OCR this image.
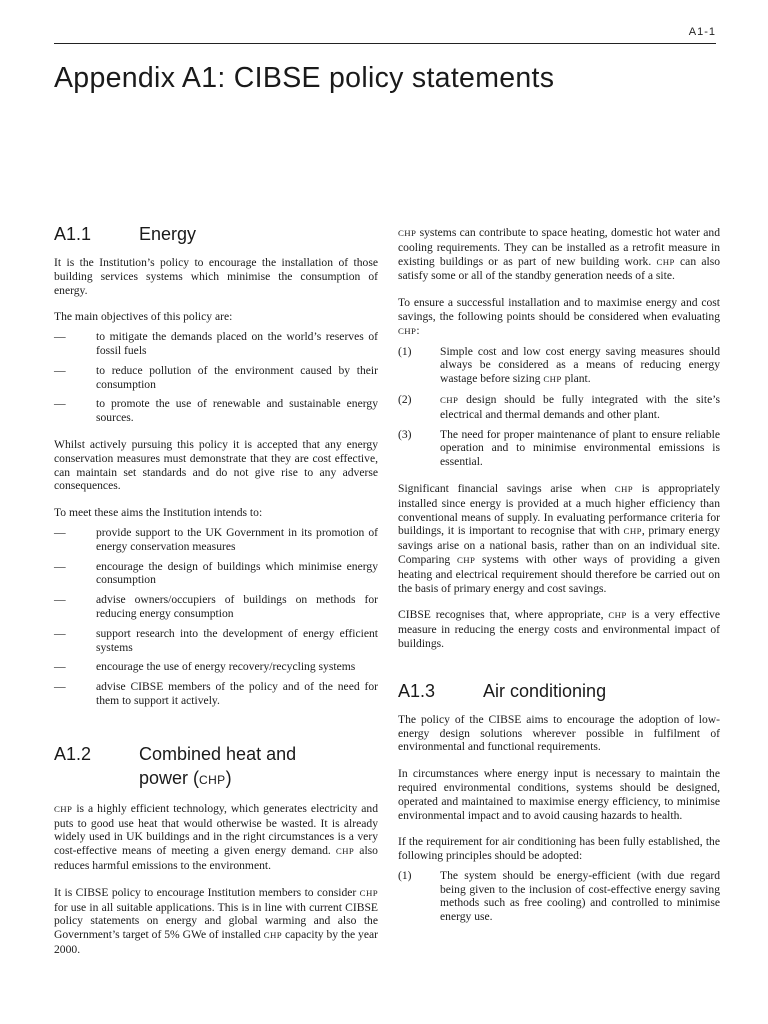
A1-1
Appendix A1: CIBSE policy statements
A1.1	Energy

It is the Institution’s policy to encourage the installation of those building services systems which minimise the consumption of energy.

The main objectives of this policy are:

—	to mitigate the demands placed on the world’s reserves of fossil fuels
—	to reduce pollution of the environment caused by their consumption
—	to promote the use of renewable and sustainable energy sources.

Whilst actively pursuing this policy it is accepted that any energy conservation measures must demonstrate that they are cost effective, can maintain set standards and do not give rise to any adverse consequences.

To meet these aims the Institution intends to:

—	provide support to the UK Government in its promotion of energy conservation measures
—	encourage the design of buildings which minimise energy consumption
—	advise owners/occupiers of buildings on methods for reducing energy consumption
—	support research into the development of energy efficient systems
—	encourage the use of energy recovery/recycling systems
—	advise CIBSE members of the policy and of the need for them to support it actively.
A1.2	Combined heat and
power (CHP)

CHP is a highly efficient technology, which generates electricity and puts to good use heat that would otherwise be wasted. It is already widely used in UK buildings and in the right circumstances is a very cost-effective means of meeting a given energy demand. CHP also reduces harmful emissions to the environment.

It is CIBSE policy to encourage Institution members to consider CHP for use in all suitable applications. This is in line with current CIBSE policy statements on energy and global warming and also the Government’s target of 5% GWe of installed CHP capacity by the year 2000.

CHP systems can contribute to space heating, domestic hot water and cooling requirements. They can be installed as a retrofit measure in existing buildings or as part of new building work. CHP can also satisfy some or all of the standby generation needs of a site.

To ensure a successful installation and to maximise energy and cost savings, the following points should be considered when evaluating CHP:

(1)	Simple cost and low cost energy saving measures should always be considered as a means of reducing energy wastage before sizing CHP plant.
(2)	CHP design should be fully integrated with the site’s electrical and thermal demands and other plant.
(3)	The need for proper maintenance of plant to ensure reliable operation and to minimise environmental emissions is essential.

Significant financial savings arise when CHP is appropriately installed since energy is provided at a much higher efficiency than conventional means of supply. In evaluating performance criteria for buildings, it is important to recognise that with CHP, primary energy savings arise on a national basis, rather than on an individual site. Comparing CHP systems with other ways of providing a given heating and electrical requirement should therefore be carried out on the basis of primary energy and cost savings.

CIBSE recognises that, where appropriate, CHP is a very effective measure in reducing the energy costs and environmental impact of buildings.

A1.3	Air conditioning

The policy of the CIBSE aims to encourage the adoption of low-energy design solutions wherever possible in fulfilment of environmental and functional requirements.

In circumstances where energy input is necessary to maintain the required environmental conditions, systems should be designed, operated and maintained to maximise energy efficiency, to minimise environmental impact and to avoid causing hazards to health.

If the requirement for air conditioning has been fully established, the following principles should be adopted:

(1)	The system should be energy-efficient (with due regard being given to the inclusion of cost-effective energy saving methods such as free cooling) and controlled to minimise energy use.
